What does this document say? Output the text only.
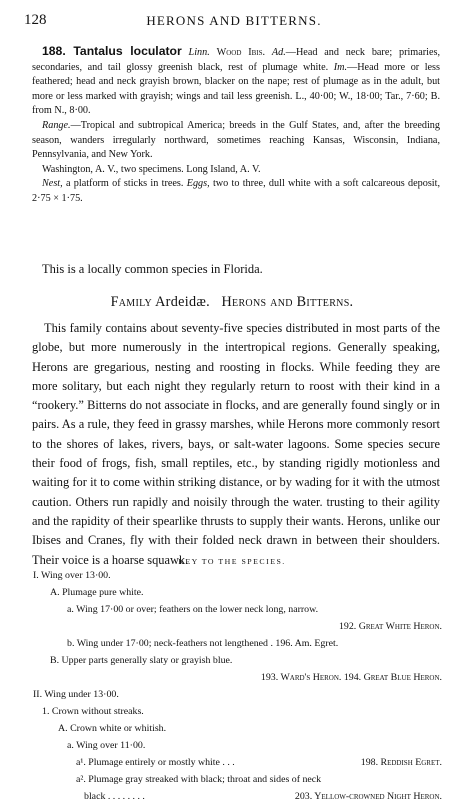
128	HERONS AND BITTERNS.

188. Tantalus loculator Linn. Wood Ibis. Ad.—Head and neck bare; primaries, secondaries, and tail glossy greenish black, rest of plumage white. Im.—Head more or less feathered; head and neck grayish brown, blacker on the nape; rest of plumage as in the adult, but more or less marked with grayish; wings and tail less greenish. L., 40·00; W., 18·00; Tar., 7·60; B. from N., 8·00.

Range.—Tropical and subtropical America; breeds in the Gulf States, and, after the breeding season, wanders irregularly northward, sometimes reaching Kansas, Wisconsin, Indiana, Pennsylvania, and New York.

Washington, A. V., two specimens. Long Island, A. V.

Nest, a platform of sticks in trees. Eggs, two to three, dull white with a soft calcareous deposit, 2·75 × 1·75.

This is a locally common species in Florida.
Family Ardeidæ. Herons and Bitterns.

This family contains about seventy-five species distributed in most parts of the globe, but more numerously in the intertropical regions. Generally speaking, Herons are gregarious, nesting and roosting in flocks. While feeding they are more solitary, but each night they regularly return to roost with their kind in a “rookery.” Bitterns do not associate in flocks, and are generally found singly or in pairs. As a rule, they feed in grassy marshes, while Herons more commonly resort to the shores of lakes, rivers, bays, or salt-water lagoons. Some species secure their food of frogs, fish, small reptiles, etc., by standing rigidly motionless and waiting for it to come within striking distance, or by wading for it with the utmost caution. Others run rapidly and noisily through the water. trusting to their agility and the rapidity of their spearlike thrusts to supply their wants. Herons, unlike our Ibises and Cranes, fly with their folded neck drawn in between their shoulders. Their voice is a hoarse squawk.

KEY TO THE SPECIES.
I. Wing over 13·00.
A. Plumage pure white.
a. Wing 17·00 or over; feathers on the lower neck long, narrow.
192. Great White Heron.
b. Wing under 17·00; neck-feathers not lengthened . 196. Am. Egret.
B. Upper parts generally slaty or grayish blue.
193. Ward's Heron. 194. Great Blue Heron.
II. Wing under 13·00.
1. Crown without streaks.
A. Crown white or whitish.
a. Wing over 11·00.
a¹. Plumage entirely or mostly white . . .	198. Reddish Egret.
a². Plumage gray streaked with black; throat and sides of neck
black . . . . . . . .	203. Yellow-crowned Night Heron.
